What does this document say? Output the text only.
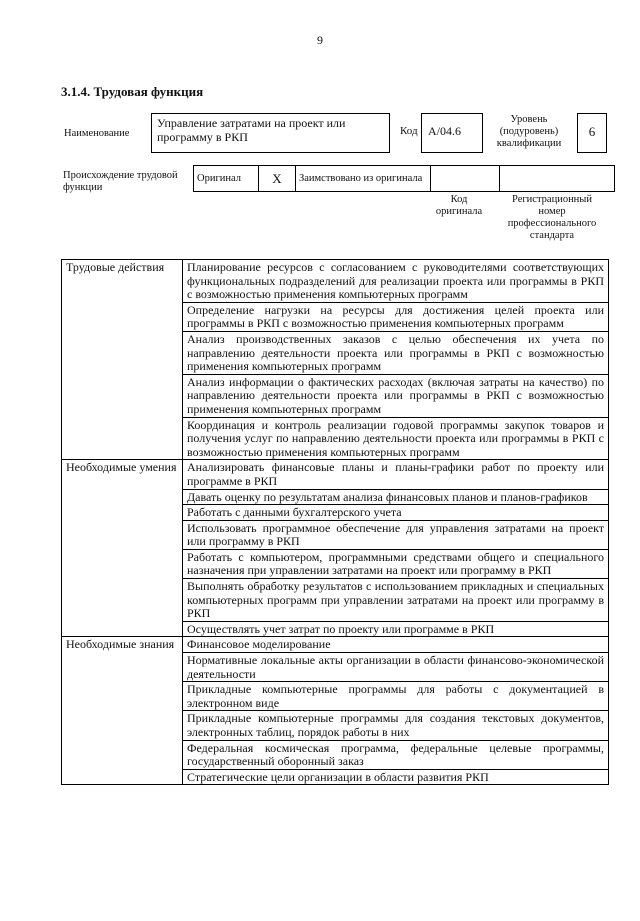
9
3.1.4. Трудовая функция
Наименование
Управление затратами на проект или программу в РКП	Код А/04.6
Уровень (подуровень) квалификации
6
Происхождение трудовой функции
Оригинал	X	Заимствовано из оригинала		
Код оригинала
Регистрационный номер профессионального стандарта
Трудовые действия	Планирование ресурсов с согласованием с руководителями соответствующих функциональных подразделений для реализации проекта или программы в РКП с возможностью применения компьютерных программ
	Определение нагрузки на ресурсы для достижения целей проекта или программы в РКП с возможностью применения компьютерных программ
	Анализ производственных заказов с целью обеспечения их учета по направлению деятельности проекта или программы в РКП с возможностью применения компьютерных программ
	Анализ информации о фактических расходах (включая затраты на качество) по направлению деятельности проекта или программы в РКП с возможностью применения компьютерных программ
	Координация и контроль реализации годовой программы закупок товаров и получения услуг по направлению деятельности проекта или программы в РКП с возможностью применения компьютерных программ
Необходимые умения	Анализировать финансовые планы и планы-графики работ по проекту или программе в РКП
	Давать оценку по результатам анализа финансовых планов и планов-графиков
	Работать с данными бухгалтерского учета
	Использовать программное обеспечение для управления затратами на проект или программу в РКП
	Работать с компьютером, программными средствами общего и специального назначения при управлении затратами на проект или программу в РКП
	Выполнять обработку результатов с использованием прикладных и специальных компьютерных программ при управлении затратами на проект или программу в РКП
	Осуществлять учет затрат по проекту или программе в РКП
Необходимые знания	Финансовое моделирование
	Нормативные локальные акты организации в области финансово-экономической деятельности
	Прикладные компьютерные программы для работы с документацией в электронном виде
	Прикладные компьютерные программы для создания текстовых документов, электронных таблиц, порядок работы в них
	Федеральная космическая программа, федеральные целевые программы, государственный оборонный заказ
	Стратегические цели организации в области развития РКП
